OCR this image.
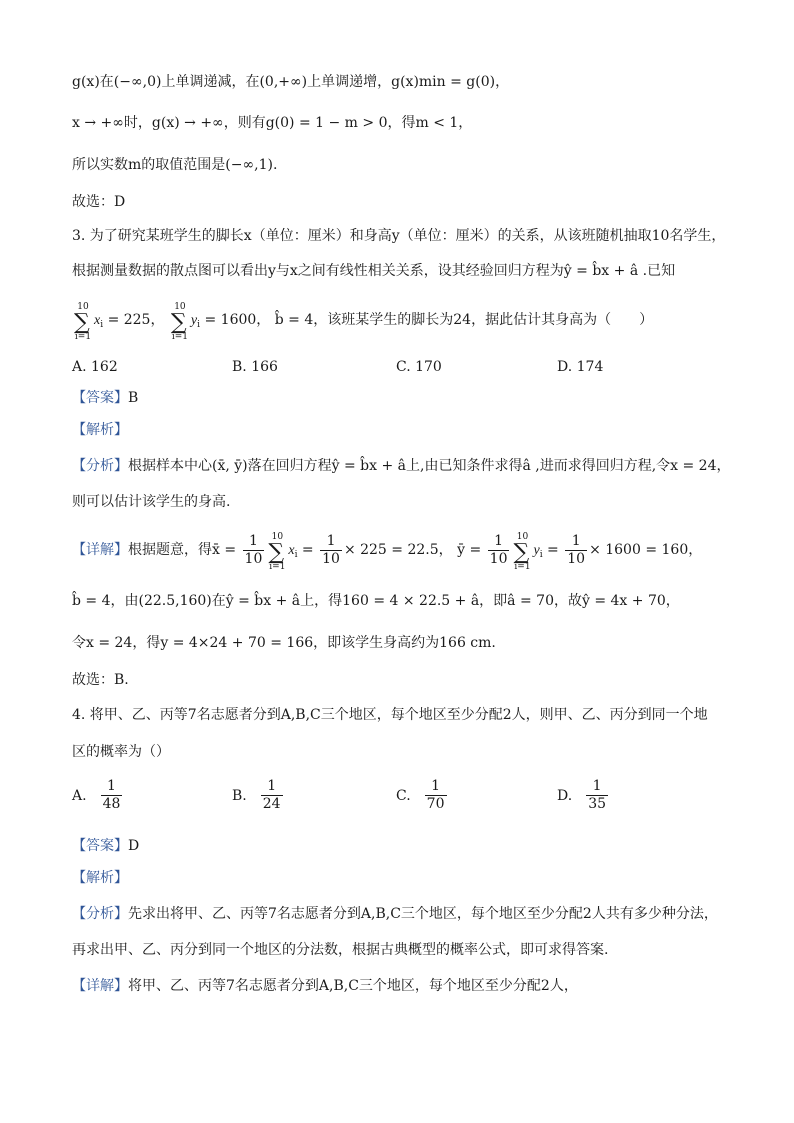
g(x)在(−∞,0)上单调递减，在(0,+∞)上单调递增，g(x)min = g(0)，
x → +∞时，g(x) → +∞，则有g(0) = 1 − m > 0，得m < 1，
所以实数m的取值范围是(−∞,1).
故选：D
3. 为了研究某班学生的脚长x（单位：厘米）和身高y（单位：厘米）的关系，从该班随机抽取10名学生，
根据测量数据的散点图可以看出y与x之间有线性相关关系，设其经验回归方程为ŷ = b̂x + â .已知
10
∑
i=1
$x_i = 225$，
10
∑
i=1
$y_i = 1600$， b̂ = 4，该班某学生的脚长为24，据此估计其身高为（　　）
A. 162	B. 166	C. 170	D. 174
【答案】B
【解析】
【分析】根据样本中心(x̄, ȳ)落在回归方程ŷ = b̂x + â上,由已知条件求得â ,进而求得回归方程,令x = 24，
则可以估计该学生的身高.
【详解】根据题意，得x̄ = $\frac{1}{10} 10$
∑
i=1
$x_i = \frac{1}{10} \times 225 = 22.5$， ȳ = $\frac{1}{10} 10$
∑
i=1
$y_i = \frac{1}{10} \times 1600 = 160$，
b̂ = 4，由(22.5,160)在ŷ = b̂x + â上，得160 = 4 × 22.5 + â，即â = 70，故ŷ = 4x + 70，
令x = 24，得y = 4×24 + 70 = 166，即该学生身高约为166 cm.
故选：B.
4. 将甲、乙、丙等7名志愿者分到A,B,C三个地区，每个地区至少分配2人，则甲、乙、丙分到同一个地
区的概率为（）
A. $\frac{1}{48}$	B. $\frac{1}{24}$	C. $\frac{1}{70}$	D. $\frac{1}{35}$
【答案】D
【解析】
【分析】先求出将甲、乙、丙等7名志愿者分到A,B,C三个地区，每个地区至少分配2人共有多少种分法，
再求出甲、乙、丙分到同一个地区的分法数，根据古典概型的概率公式，即可求得答案.
【详解】将甲、乙、丙等7名志愿者分到A,B,C三个地区，每个地区至少分配2人，
